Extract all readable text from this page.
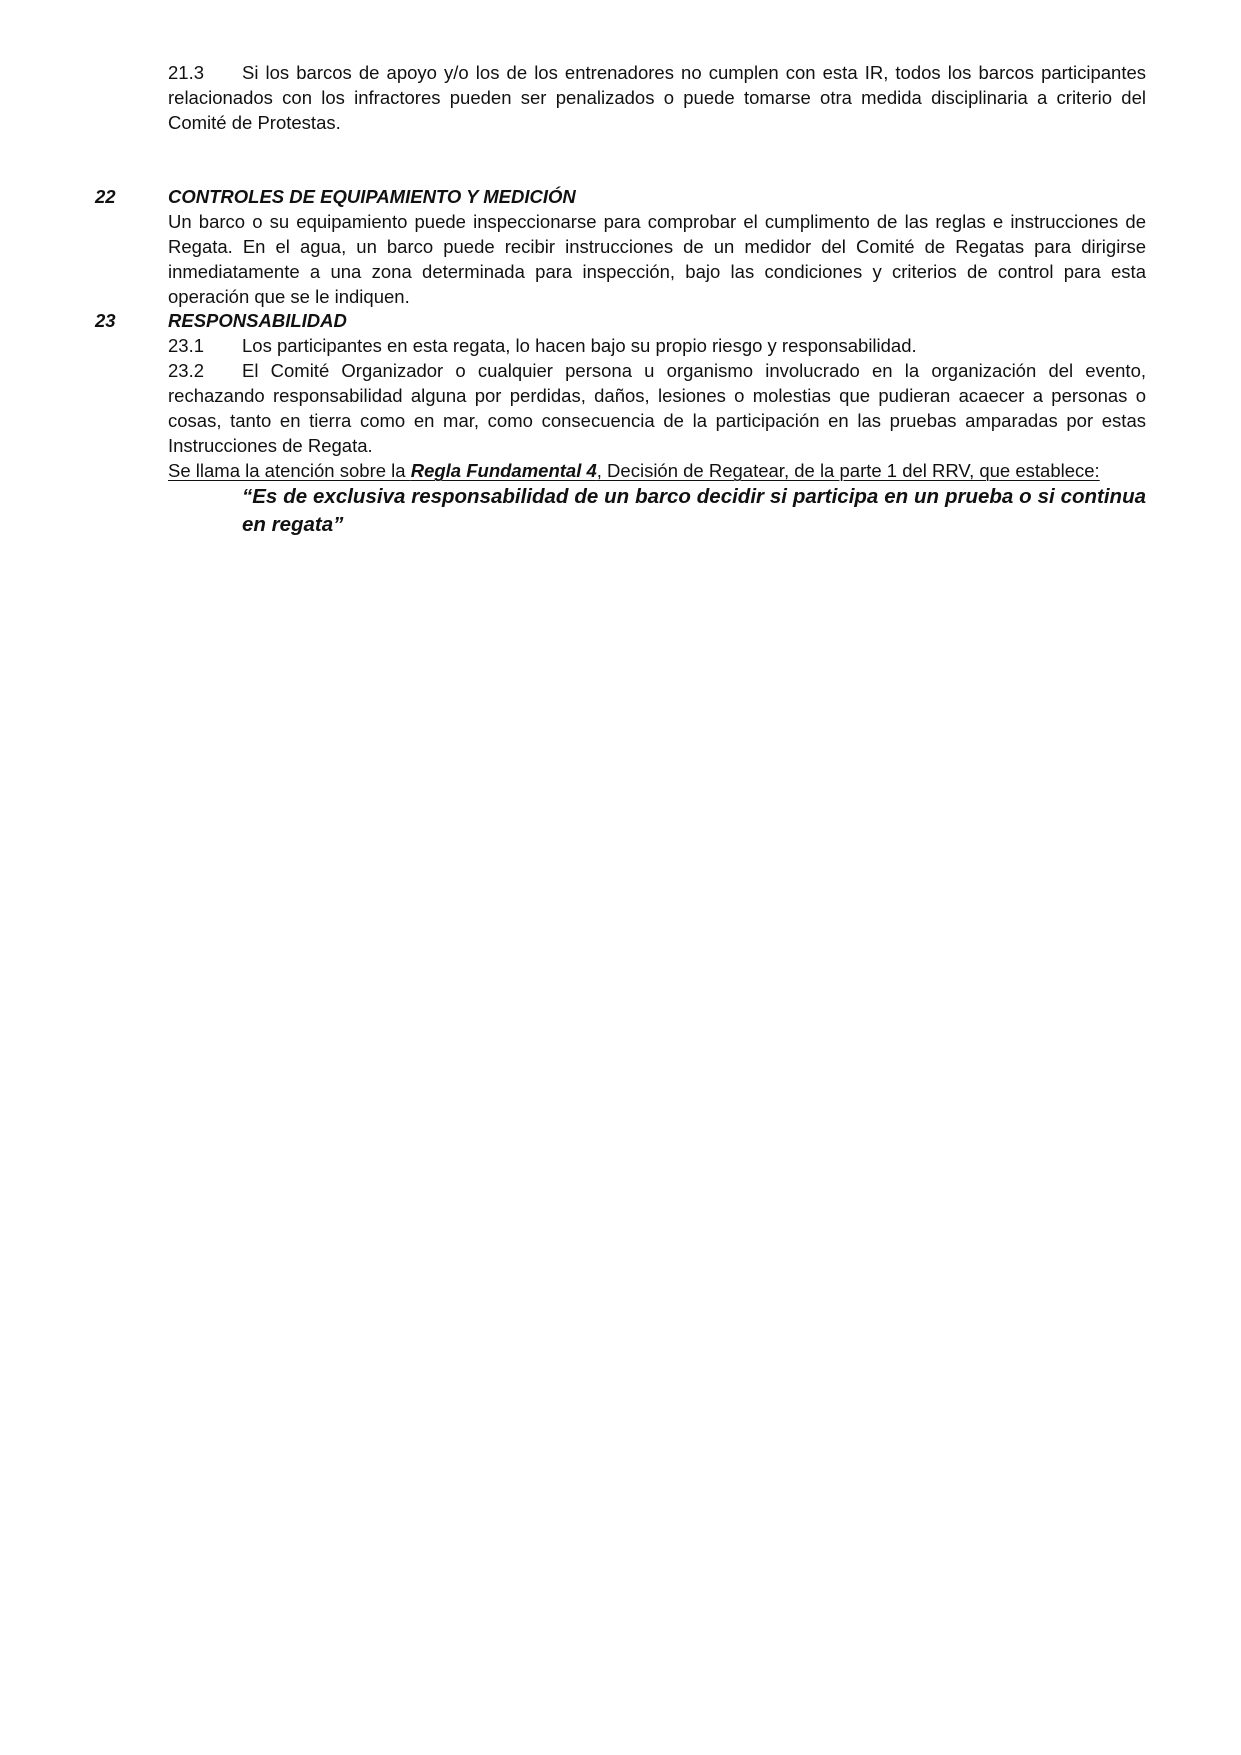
21.3 Si los barcos de apoyo y/o los de los entrenadores no cumplen con esta IR, todos los barcos participantes relacionados con los infractores pueden ser penalizados o puede tomarse otra medida disciplinaria a criterio del Comité de Protestas.

22	CONTROLES DE EQUIPAMIENTO Y MEDICIÓN

Un barco o su equipamiento puede inspeccionarse para comprobar el cumplimento de las reglas e instrucciones de Regata. En el agua, un barco puede recibir instrucciones de un medidor del Comité de Regatas para dirigirse inmediatamente a una zona determinada para inspección, bajo las condiciones y criterios de control para esta operación que se le indiquen.

23	RESPONSABILIDAD

23.1 Los participantes en esta regata, lo hacen bajo su propio riesgo y responsabilidad.

23.2 El Comité Organizador o cualquier persona u organismo involucrado en la organización del evento, rechazando responsabilidad alguna por perdidas, daños, lesiones o molestias que pudieran acaecer a personas o cosas, tanto en tierra como en mar, como consecuencia de la participación en las pruebas amparadas por estas Instrucciones de Regata.

Se llama la atención sobre la Regla Fundamental 4, Decisión de Regatear, de la parte 1 del RRV, que establece:

“Es de exclusiva responsabilidad de un barco decidir si participa en un prueba o si continua en regata”
